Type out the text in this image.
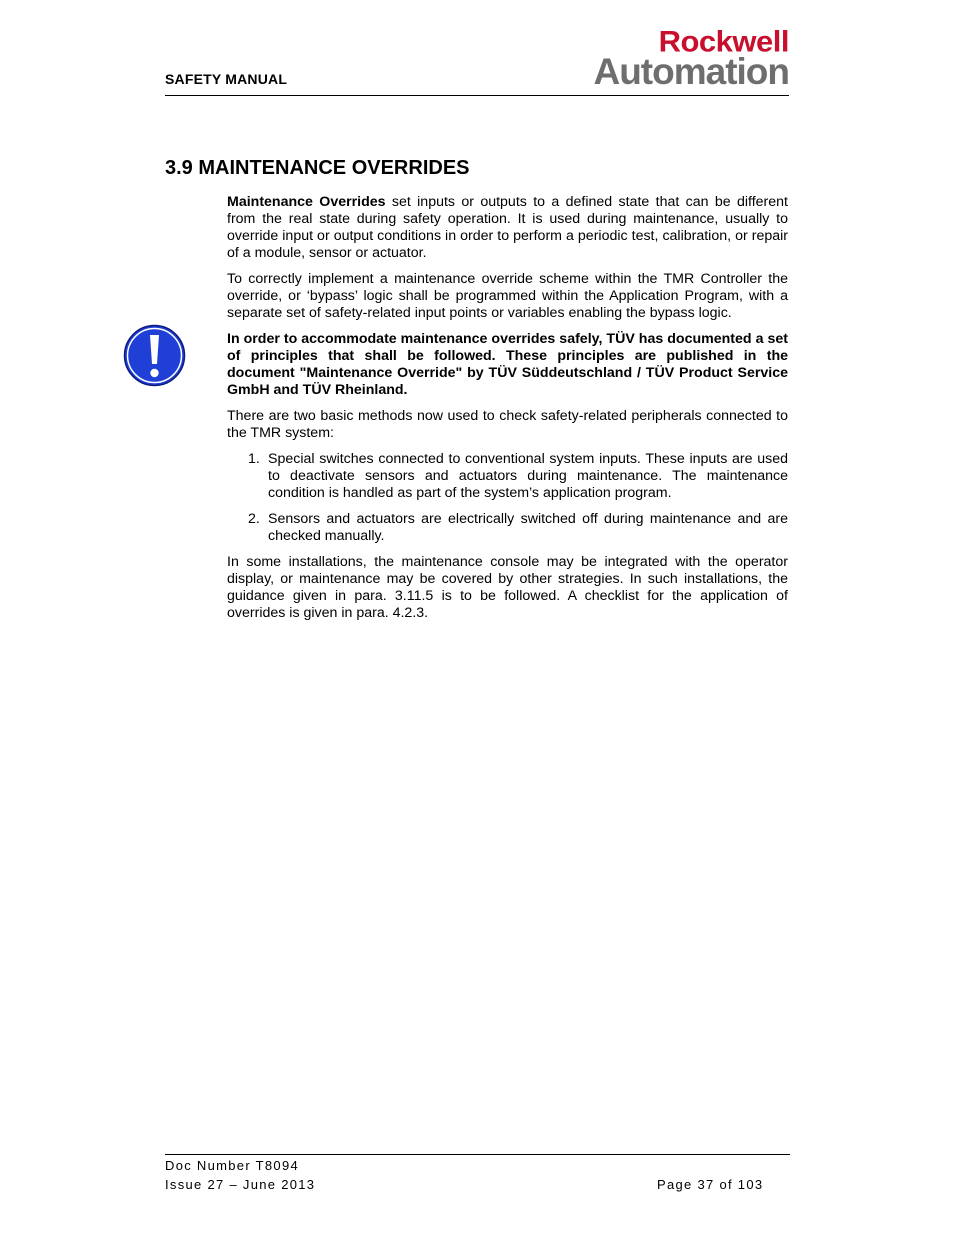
SAFETY MANUAL
Rockwell
Automation
3.9 MAINTENANCE OVERRIDES

Maintenance Overrides set inputs or outputs to a defined state that can be different from the real state during safety operation. It is used during maintenance, usually to override input or output conditions in order to perform a periodic test, calibration, or repair of a module, sensor or actuator.

To correctly implement a maintenance override scheme within the TMR Controller the override, or ‘bypass’ logic shall be programmed within the Application Program, with a separate set of safety-related input points or variables enabling the bypass logic.

In order to accommodate maintenance overrides safely, TÜV has documented a set of principles that shall be followed. These principles are published in the document "Maintenance Override" by TÜV Süddeutschland / TÜV Product Service GmbH and TÜV Rheinland.

There are two basic methods now used to check safety-related peripherals connected to the TMR system:

1. Special switches connected to conventional system inputs. These inputs are used to deactivate sensors and actuators during maintenance. The maintenance condition is handled as part of the system’s application program.
2. Sensors and actuators are electrically switched off during maintenance and are checked manually.

In some installations, the maintenance console may be integrated with the operator display, or maintenance may be covered by other strategies. In such installations, the guidance given in para. 3.11.5 is to be followed. A checklist for the application of overrides is given in para. 4.2.3.

Doc Number T8094
Issue 27 – June 2013	Page 37 of 103
